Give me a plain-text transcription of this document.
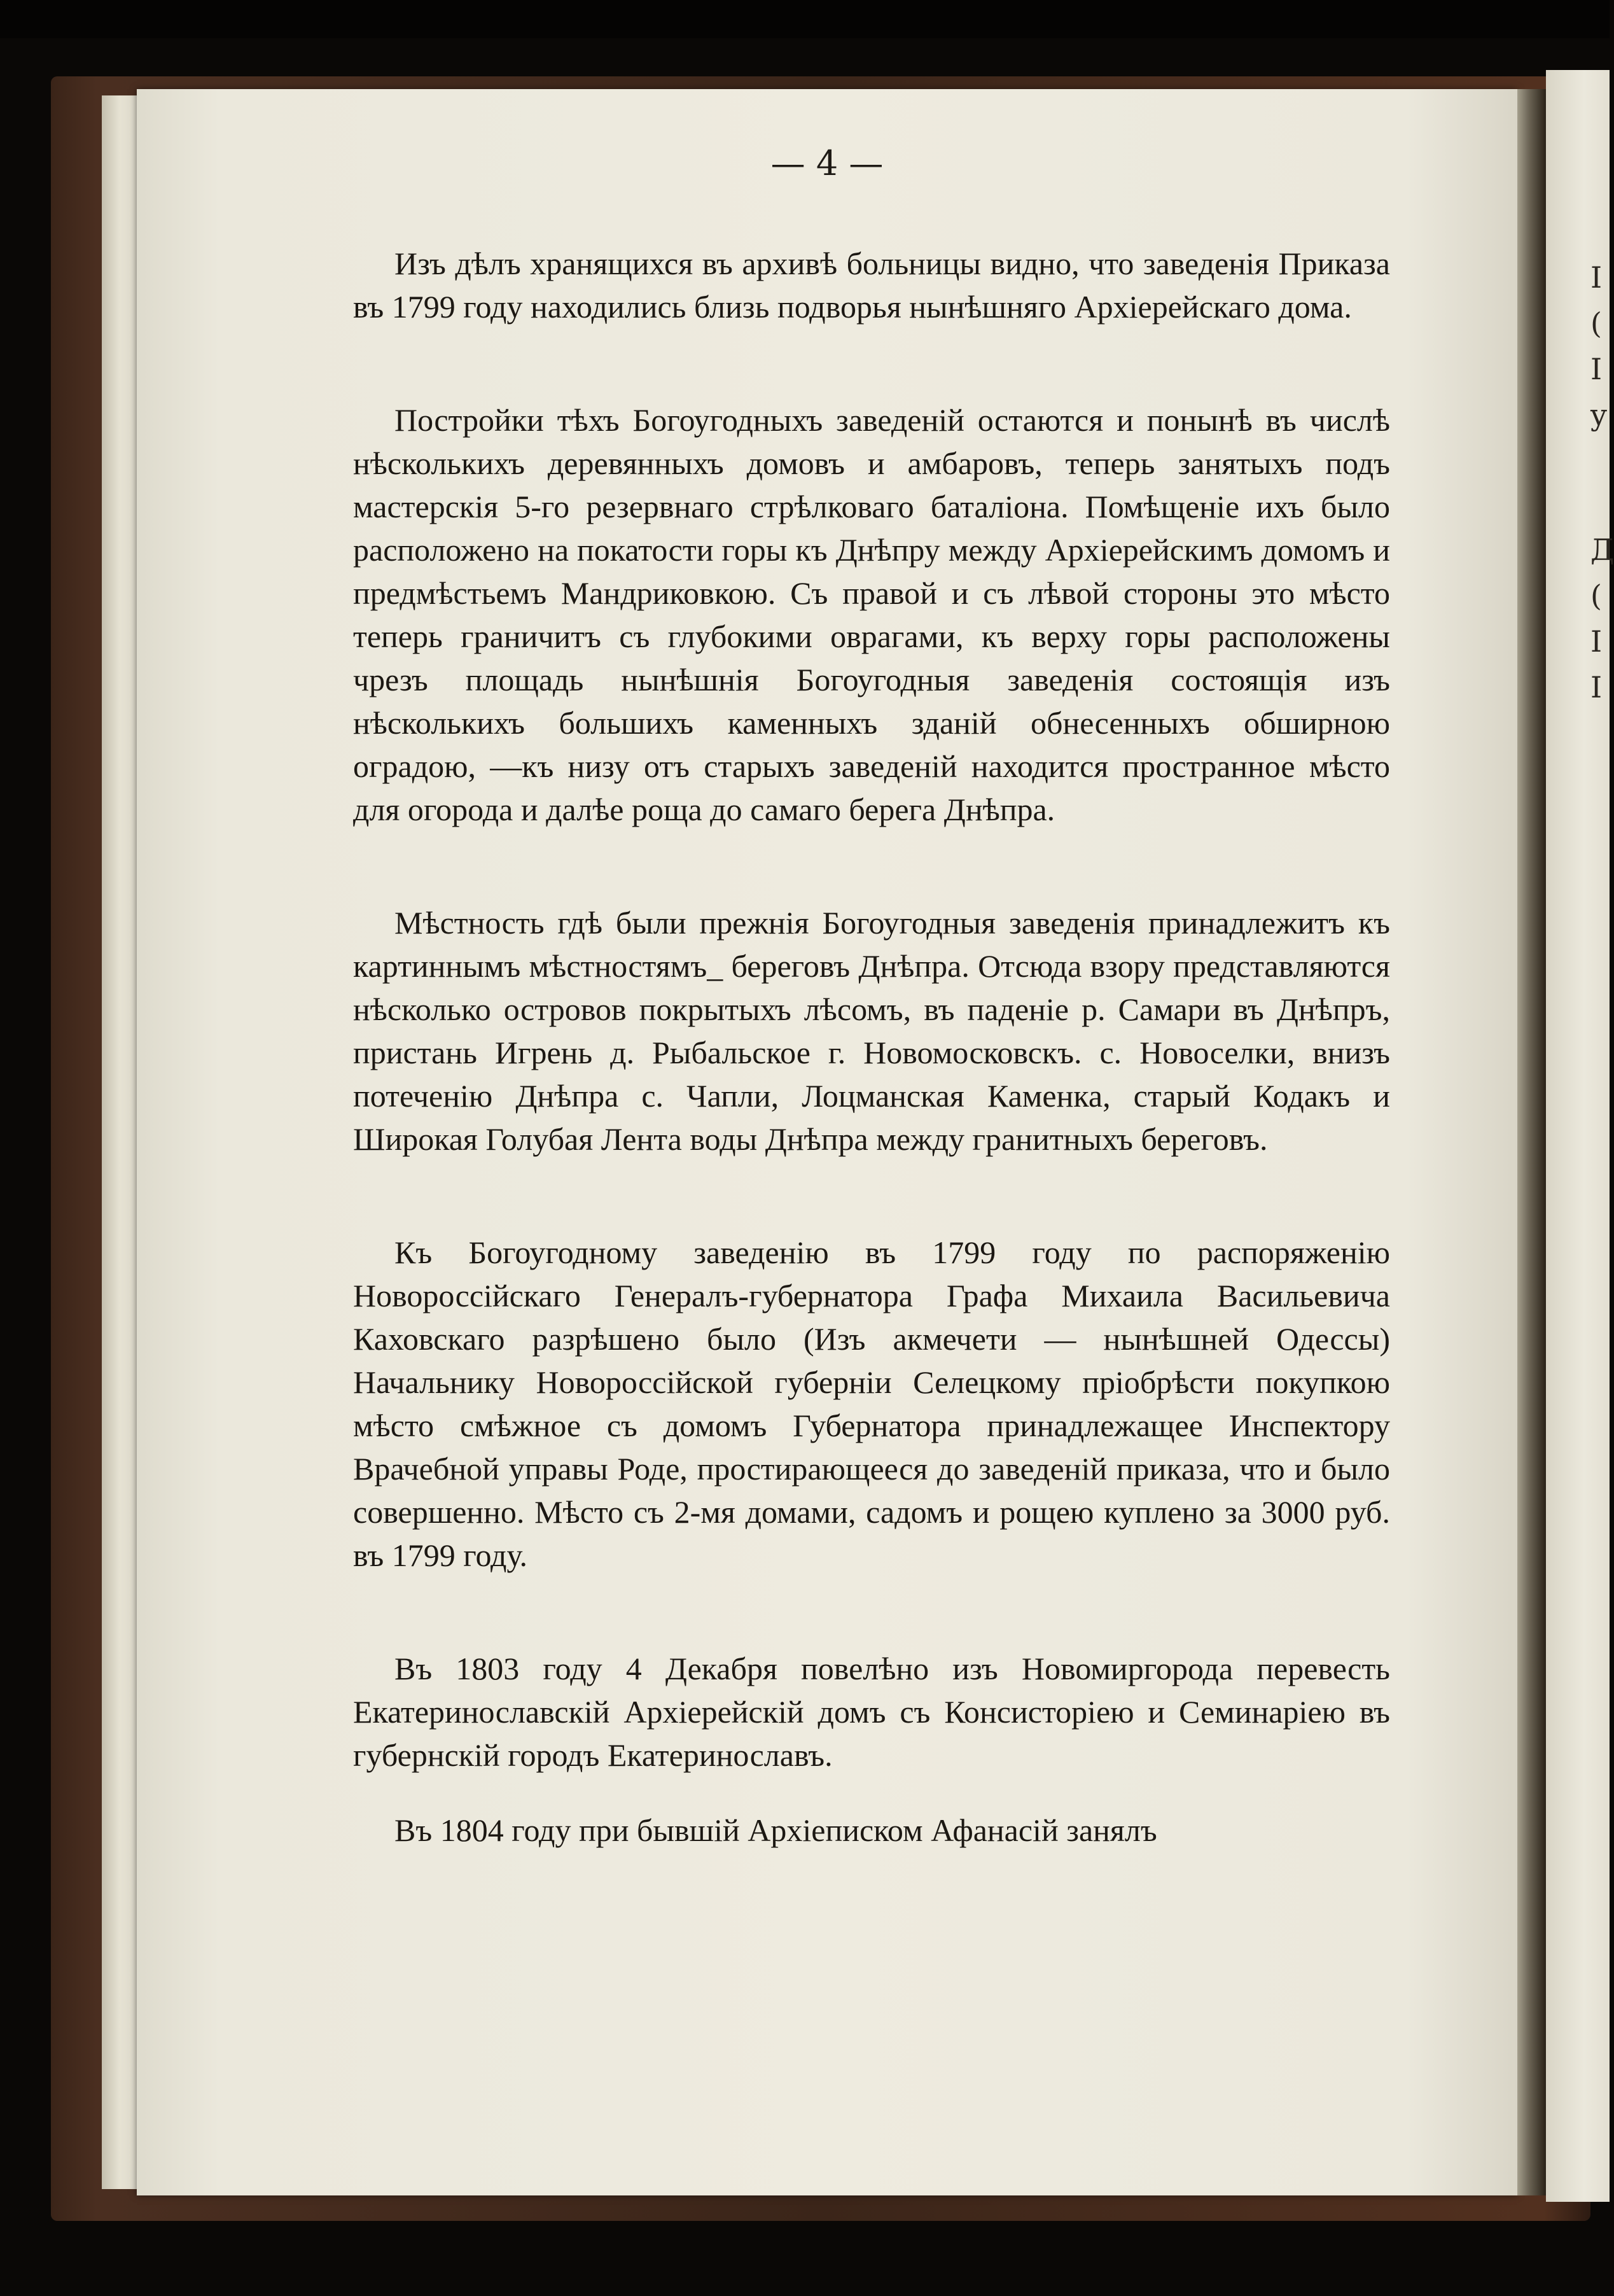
I
(
I
y
Д
(
I
I
— 4 —

Изъ дѣлъ хранящихся въ архивѣ больницы видно, что заведенія Приказа въ 1799 году находились близь подворья нынѣшняго Архіерейскаго дома.

Постройки тѣхъ Богоугодныхъ заведеній остаются и понынѣ въ числѣ нѣсколькихъ деревянныхъ домовъ и амбаровъ, теперь занятыхъ подъ мастерскія 5-го резервнаго стрѣлковаго баталіона. Помѣщеніе ихъ было расположено на покатости горы къ Днѣпру между Архіерейскимъ домомъ и предмѣстьемъ Мандриковкою. Съ правой и съ лѣвой стороны это мѣсто теперь граничитъ съ глубокими оврагами, къ верху горы расположены чрезъ площадь нынѣшнія Богоугодныя заведенія состоящія изъ нѣсколькихъ большихъ каменныхъ зданій обнесенныхъ обширною оградою, —къ низу отъ старыхъ заведеній находится пространное мѣсто для огорода и далѣе роща до самаго берега Днѣпра.

Мѣстность гдѣ были прежнія Богоугодныя заведенія принадлежитъ къ картиннымъ мѣстностямъ_ береговъ Днѣпра. Отсюда взору представляются нѣсколько островов покрытыхъ лѣсомъ, въ паденіе р. Самари въ Днѣпръ, пристань Игрень д. Рыбальское г. Новомосковскъ. с. Новоселки, внизъ потеченію Днѣпра с. Чапли, Лоцманская Каменка, старый Кодакъ и Широкая Голубая Лента воды Днѣпра между гранитныхъ береговъ.

Къ Богоугодному заведенію въ 1799 году по распоряженію Новороссійскаго Генералъ-губернатора Графа Михаила Васильевича Каховскаго разрѣшено было (Изъ акмечети — нынѣшней Одессы) Начальнику Новороссійской губерніи Селецкому пріобрѣсти покупкою мѣсто смѣжное съ домомъ Губернатора принадлежащее Инспектору Врачебной управы Роде, простирающееся до заведеній приказа, что и было совершенно. Мѣсто съ 2-мя домами, садомъ и рощею куплено за 3000 руб. въ 1799 году.

Въ 1803 году 4 Декабря повелѣно изъ Новомиргорода перевесть Екатеринославскій Архіерейскій домъ съ Консисторіею и Семинаріею въ губернскій городъ Екатеринославъ.

Въ 1804 году при бывшій Архіеписком Афанасій занялъ
